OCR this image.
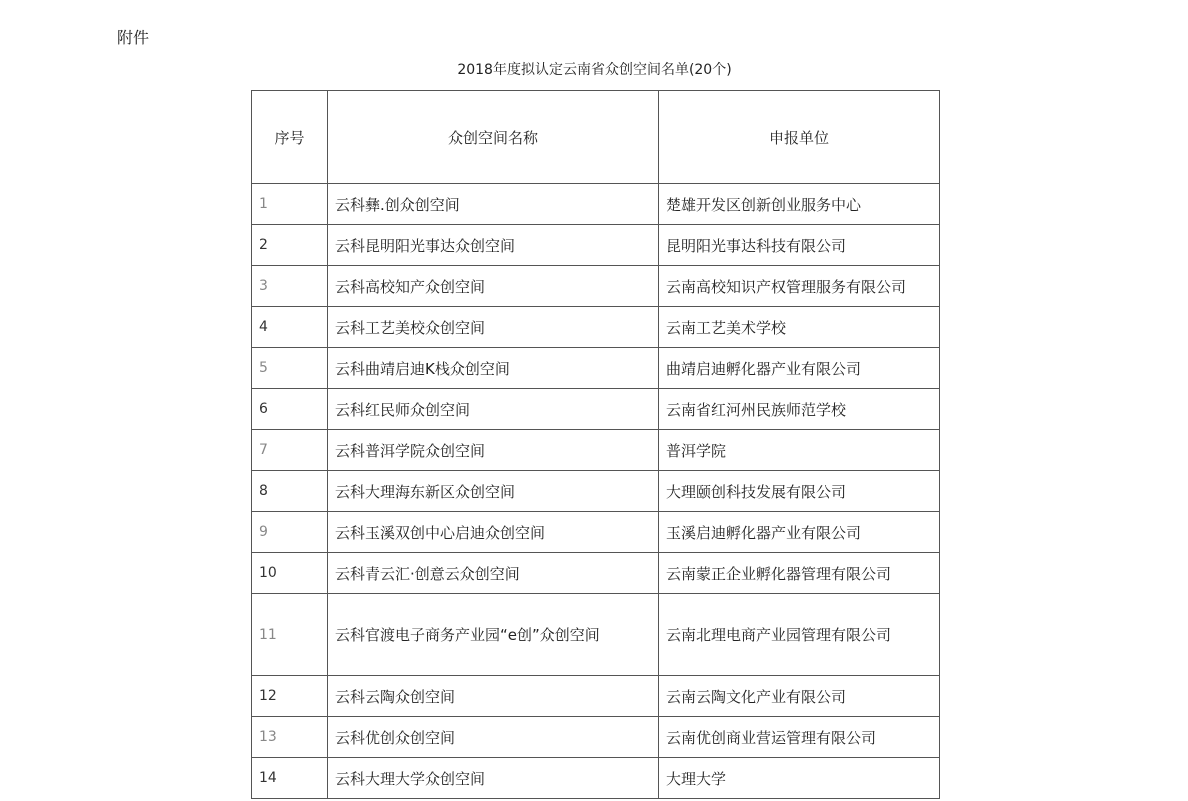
附件
2018年度拟认定云南省众创空间名单(20个)
序号	众创空间名称	申报单位
1	云科彝.创众创空间	楚雄开发区创新创业服务中心
2	云科昆明阳光事达众创空间	昆明阳光事达科技有限公司
3	云科高校知产众创空间	云南高校知识产权管理服务有限公司
4	云科工艺美校众创空间	云南工艺美术学校
5	云科曲靖启迪K栈众创空间	曲靖启迪孵化器产业有限公司
6	云科红民师众创空间	云南省红河州民族师范学校
7	云科普洱学院众创空间	普洱学院
8	云科大理海东新区众创空间	大理颐创科技发展有限公司
9	云科玉溪双创中心启迪众创空间	玉溪启迪孵化器产业有限公司
10	云科青云汇·创意云众创空间	云南蒙正企业孵化器管理有限公司
11	云科官渡电子商务产业园“e创”众创空间	云南北理电商产业园管理有限公司
12	云科云陶众创空间	云南云陶文化产业有限公司
13	云科优创众创空间	云南优创商业营运管理有限公司
14	云科大理大学众创空间	大理大学
